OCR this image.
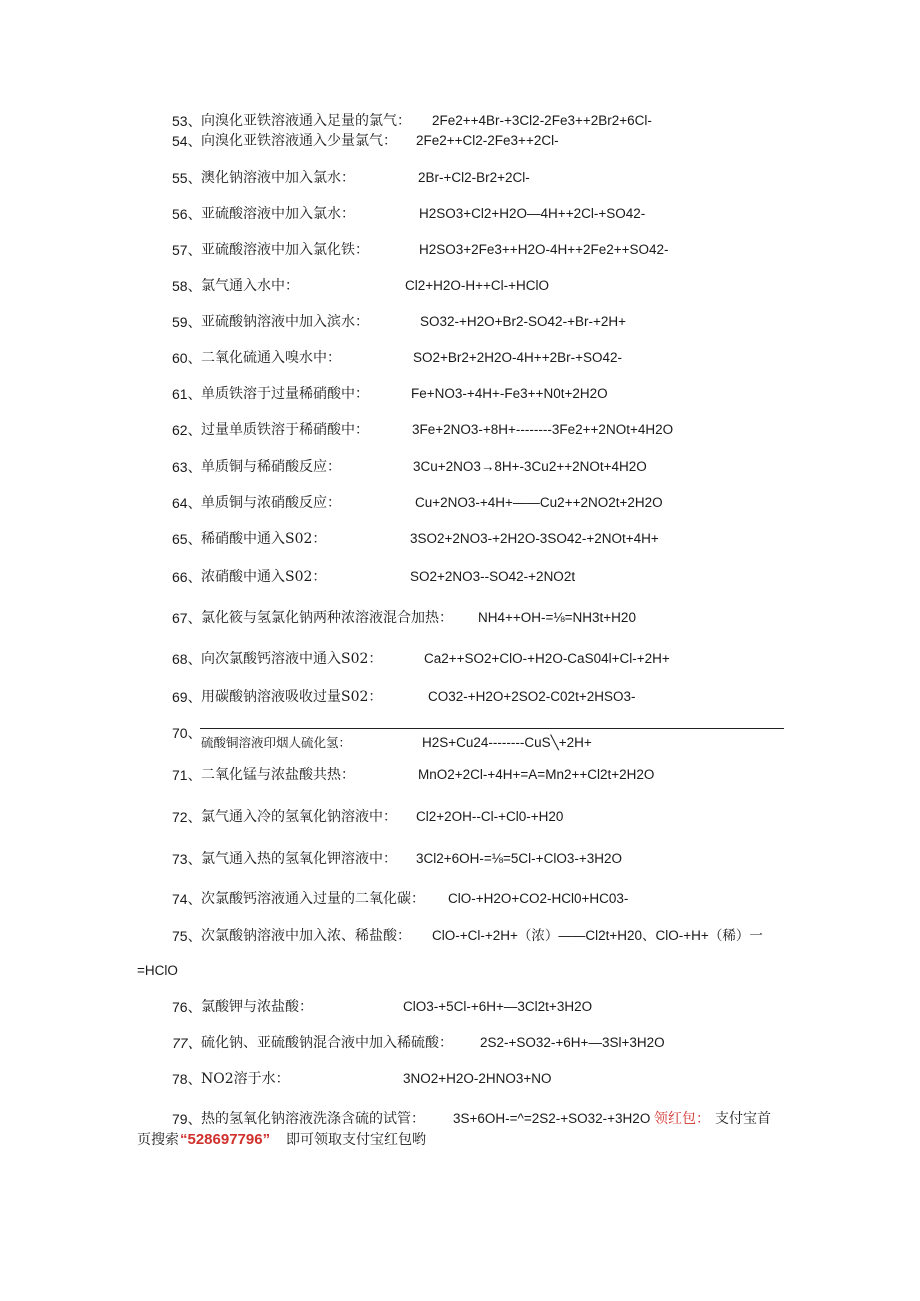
53、 向溴化亚铁溶液通入足量的氯气： 2Fe2++4Br-+3Cl2-2Fe3++2Br2+6Cl-
54、 向溴化亚铁溶液通入少量氯气： 2Fe2++Cl2-2Fe3++2Cl-
55、 澳化钠溶液中加入氯水：	2Br-+Cl2-Br2+2Cl-
56、 亚硫酸溶液中加入氯水：	H2SO3+Cl2+H2O—4H++2Cl-+SO42-
57、 亚硫酸溶液中加入氯化铁：	H2SO3+2Fe3++H2O-4H++2Fe2++SO42-
58、 氯气通入水中：	Cl2+H2O-H++Cl-+HClO
59、 亚硫酸钠溶液中加入滨水：	SO32-+H2O+Br2-SO42-+Br-+2H+
60、 二氧化硫通入嗅水中：	SO2+Br2+2H2O-4H++2Br-+SO42-
61、 单质铁溶于过量稀硝酸中：	Fe+NO3-+4H+-Fe3++N0t+2H2O
62、 过量单质铁溶于稀硝酸中：	3Fe+2NO3-+8H+--------3Fe2++2NOt+4H2O
63、 单质铜与稀硝酸反应：	3Cu+2NO3→8H+-3Cu2++2NOt+4H2O
64、 单质铜与浓硝酸反应：	Cu+2NO3-+4H+——Cu2++2NO2t+2H2O
65、 稀硝酸中通入S02：	3SO2+2NO3-+2H2O-3SO42-+2NOt+4H+
66、 浓硝酸中通入S02：	SO2+2NO3--SO42-+2NO2t
67、 氯化筱与氢氯化钠两种浓溶液混合加热： NH4++OH-=⅛=NH3t+H20
68、 向次氯酸钙溶液中通入S02：	Ca2++SO2+ClO-+H2O-CaS04l+Cl-+2H+
69、 用碳酸钠溶液吸收过量S02：	CO32-+H2O+2SO2-C02t+2HSO3-
70、
硫酸铜溶液印烟人硫化氢：	H2S+Cu24--------CuS╲+2H+
71、 二氧化锰与浓盐酸共热：	MnO2+2Cl-+4H+=A=Mn2++Cl2t+2H2O
72、 氯气通入冷的氢氧化钠溶液中： Cl2+2OH--Cl-+Cl0-+H20
73、 氯气通入热的氢氧化钾溶液中： 3Cl2+6OH-=⅛=5Cl-+ClO3-+3H2O
74、 次氯酸钙溶液通入过量的二氧化碳： ClO-+H2O+CO2-HCl0+HC03-
75、 次氯酸钠溶液中加入浓、稀盐酸： ClO-+Cl-+2H+（浓）——Cl2t+H20、ClO-+H+（稀）一
=HClO
76、 氯酸钾与浓盐酸：	ClO3-+5Cl-+6H+—3Cl2t+3H2O
77、 硫化钠、亚硫酸钠混合液中加入稀硫酸： 2S2-+SO32-+6H+—3Sl+3H2O
78、 NO2溶于水：	3NO2+H2O-2HNO3+NO
79、 热的氢氧化钠溶液洗涤含硫的试管： 3S+6OH-=^=2S2-+SO32-+3H2O 领红包： 支付宝首
页搜索 “528697796” 即可领取支付宝红包哟
